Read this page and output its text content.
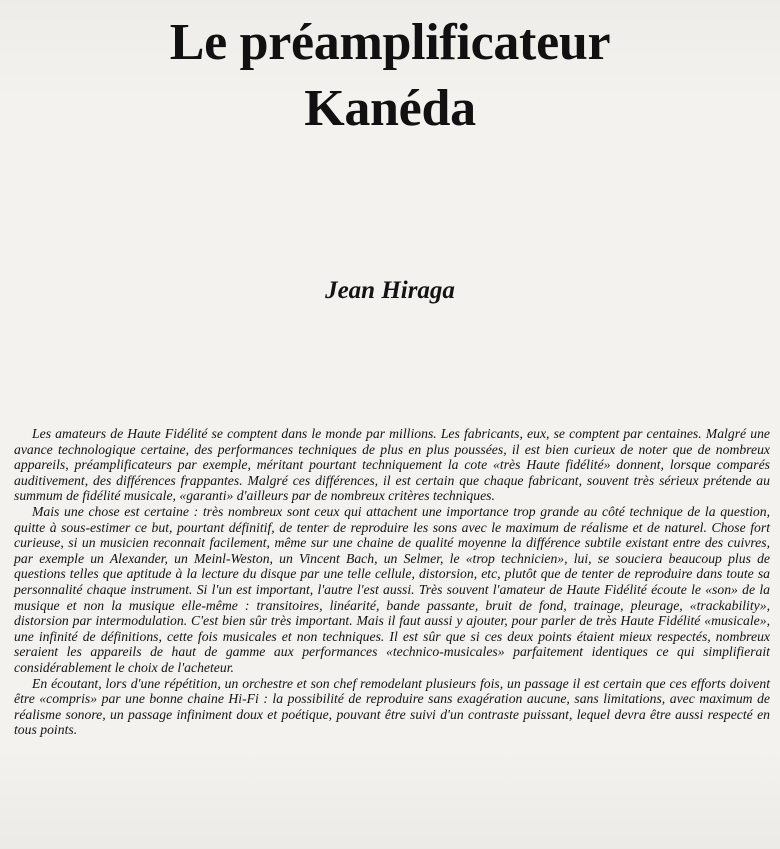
Le préamplificateur
Kanéda
Jean Hiraga

Les amateurs de Haute Fidélité se comptent dans le monde par millions. Les fabricants, eux, se comptent par centaines. Malgré une avance technologique certaine, des performances techniques de plus en plus poussées, il est bien curieux de noter que de nombreux appareils, préamplificateurs par exemple, méritant pourtant techniquement la cote «très Haute fidélité» donnent, lorsque comparés auditivement, des différences frappantes. Malgré ces différences, il est certain que chaque fabricant, souvent très sérieux prétende au summum de fidélité musicale, «garanti» d'ailleurs par de nombreux critères techniques.

Mais une chose est certaine : très nombreux sont ceux qui attachent une importance trop grande au côté technique de la question, quitte à sous-estimer ce but, pourtant définitif, de tenter de reproduire les sons avec le maximum de réalisme et de naturel. Chose fort curieuse, si un musicien reconnait facilement, même sur une chaine de qualité moyenne la différence subtile existant entre des cuivres, par exemple un Alexander, un Meinl-Weston, un Vincent Bach, un Selmer, le «trop technicien», lui, se souciera beaucoup plus de questions telles que aptitude à la lecture du disque par une telle cellule, distorsion, etc, plutôt que de tenter de reproduire dans toute sa personnalité chaque instrument. Si l'un est important, l'autre l'est aussi. Très souvent l'amateur de Haute Fidélité écoute le «son» de la musique et non la musique elle-même : transitoires, linéarité, bande passante, bruit de fond, trainage, pleurage, «trackability», distorsion par intermodulation. C'est bien sûr très important. Mais il faut aussi y ajouter, pour parler de très Haute Fidélité «musicale», une infinité de définitions, cette fois musicales et non techniques. Il est sûr que si ces deux points étaient mieux respectés, nombreux seraient les appareils de haut de gamme aux performances «technico-musicales» parfaitement identiques ce qui simplifierait considérablement le choix de l'acheteur.

En écoutant, lors d'une répétition, un orchestre et son chef remodelant plusieurs fois, un passage il est certain que ces efforts doivent être «compris» par une bonne chaine Hi-Fi : la possibilité de reproduire sans exagération aucune, sans limitations, avec maximum de réalisme sonore, un passage infiniment doux et poétique, pouvant être suivi d'un contraste puissant, lequel devra être aussi respecté en tous points.
